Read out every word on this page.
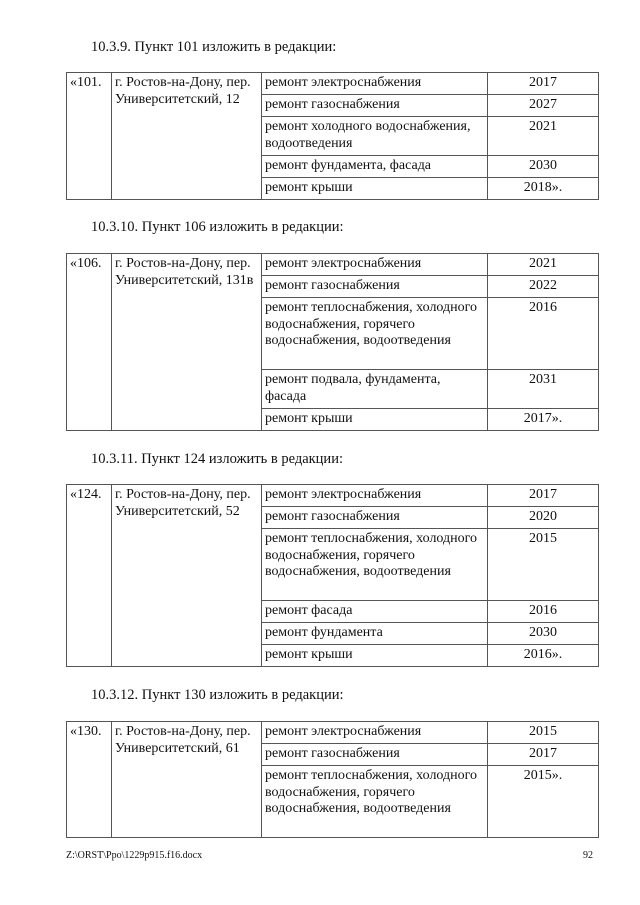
10.3.9. Пункт 101 изложить в редакции:
«101.	г. Ростов-на-Дону, пер. Университетский, 12	ремонт электроснабжения	2017
		ремонт газоснабжения	2027
		ремонт холодного водоснабжения, водоотведения	2021
		ремонт фундамента, фасада	2030
		ремонт крыши	2018».
10.3.10. Пункт 106 изложить в редакции:
«106.	г. Ростов-на-Дону, пер. Университетский, 131в	ремонт электроснабжения	2021
		ремонт газоснабжения	2022
		ремонт теплоснабжения, холодного водоснабжения, горячего водоснабжения, водоотведения	2016
		ремонт подвала, фундамента, фасада	2031
		ремонт крыши	2017».
10.3.11. Пункт 124 изложить в редакции:
«124.	г. Ростов-на-Дону, пер. Университетский, 52	ремонт электроснабжения	2017
		ремонт газоснабжения	2020
		ремонт теплоснабжения, холодного водоснабжения, горячего водоснабжения, водоотведения	2015
		ремонт фасада	2016
		ремонт фундамента	2030
		ремонт крыши	2016».
10.3.12. Пункт 130 изложить в редакции:
«130.	г. Ростов-на-Дону, пер. Университетский, 61	ремонт электроснабжения	2015
		ремонт газоснабжения	2017
		ремонт теплоснабжения, холодного водоснабжения, горячего водоснабжения, водоотведения	2015».
Z:\ORST\Ppo\1229p915.f16.docx	92
